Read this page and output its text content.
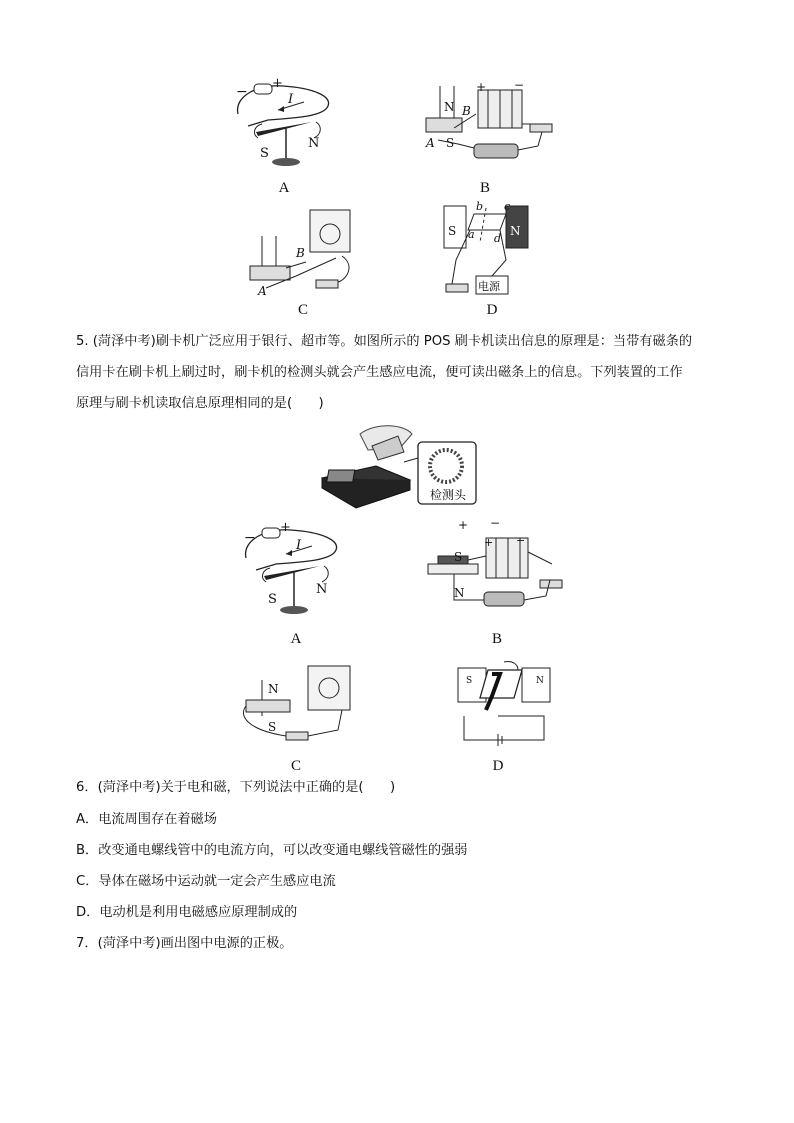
−
+
I
S
N
A
N B
A S
+ −
B
B
A
C
S	N
a
b c
d
电源
D
5. (菏泽中考)刷卡机广泛应用于银行、超市等。如图所示的 POS 刷卡机读出信息的原理是：当带有磁条的
信用卡在刷卡机上刷过时，刷卡机的检测头就会产生感应电流，便可读出磁条上的信息。下列装置的工作
原理与刷卡机读取信息原理相同的是(　　)
检测头
−
+
I
S
N
A
+ −
+ −
S
N
B
N
S
C
S	N
D
6．(菏泽中考)关于电和磁，下列说法中正确的是(　　)
A．电流周围存在着磁场
B．改变通电螺线管中的电流方向，可以改变通电螺线管磁性的强弱
C．导体在磁场中运动就一定会产生感应电流
D．电动机是利用电磁感应原理制成的
7．(菏泽中考)画出图中电源的正极。
